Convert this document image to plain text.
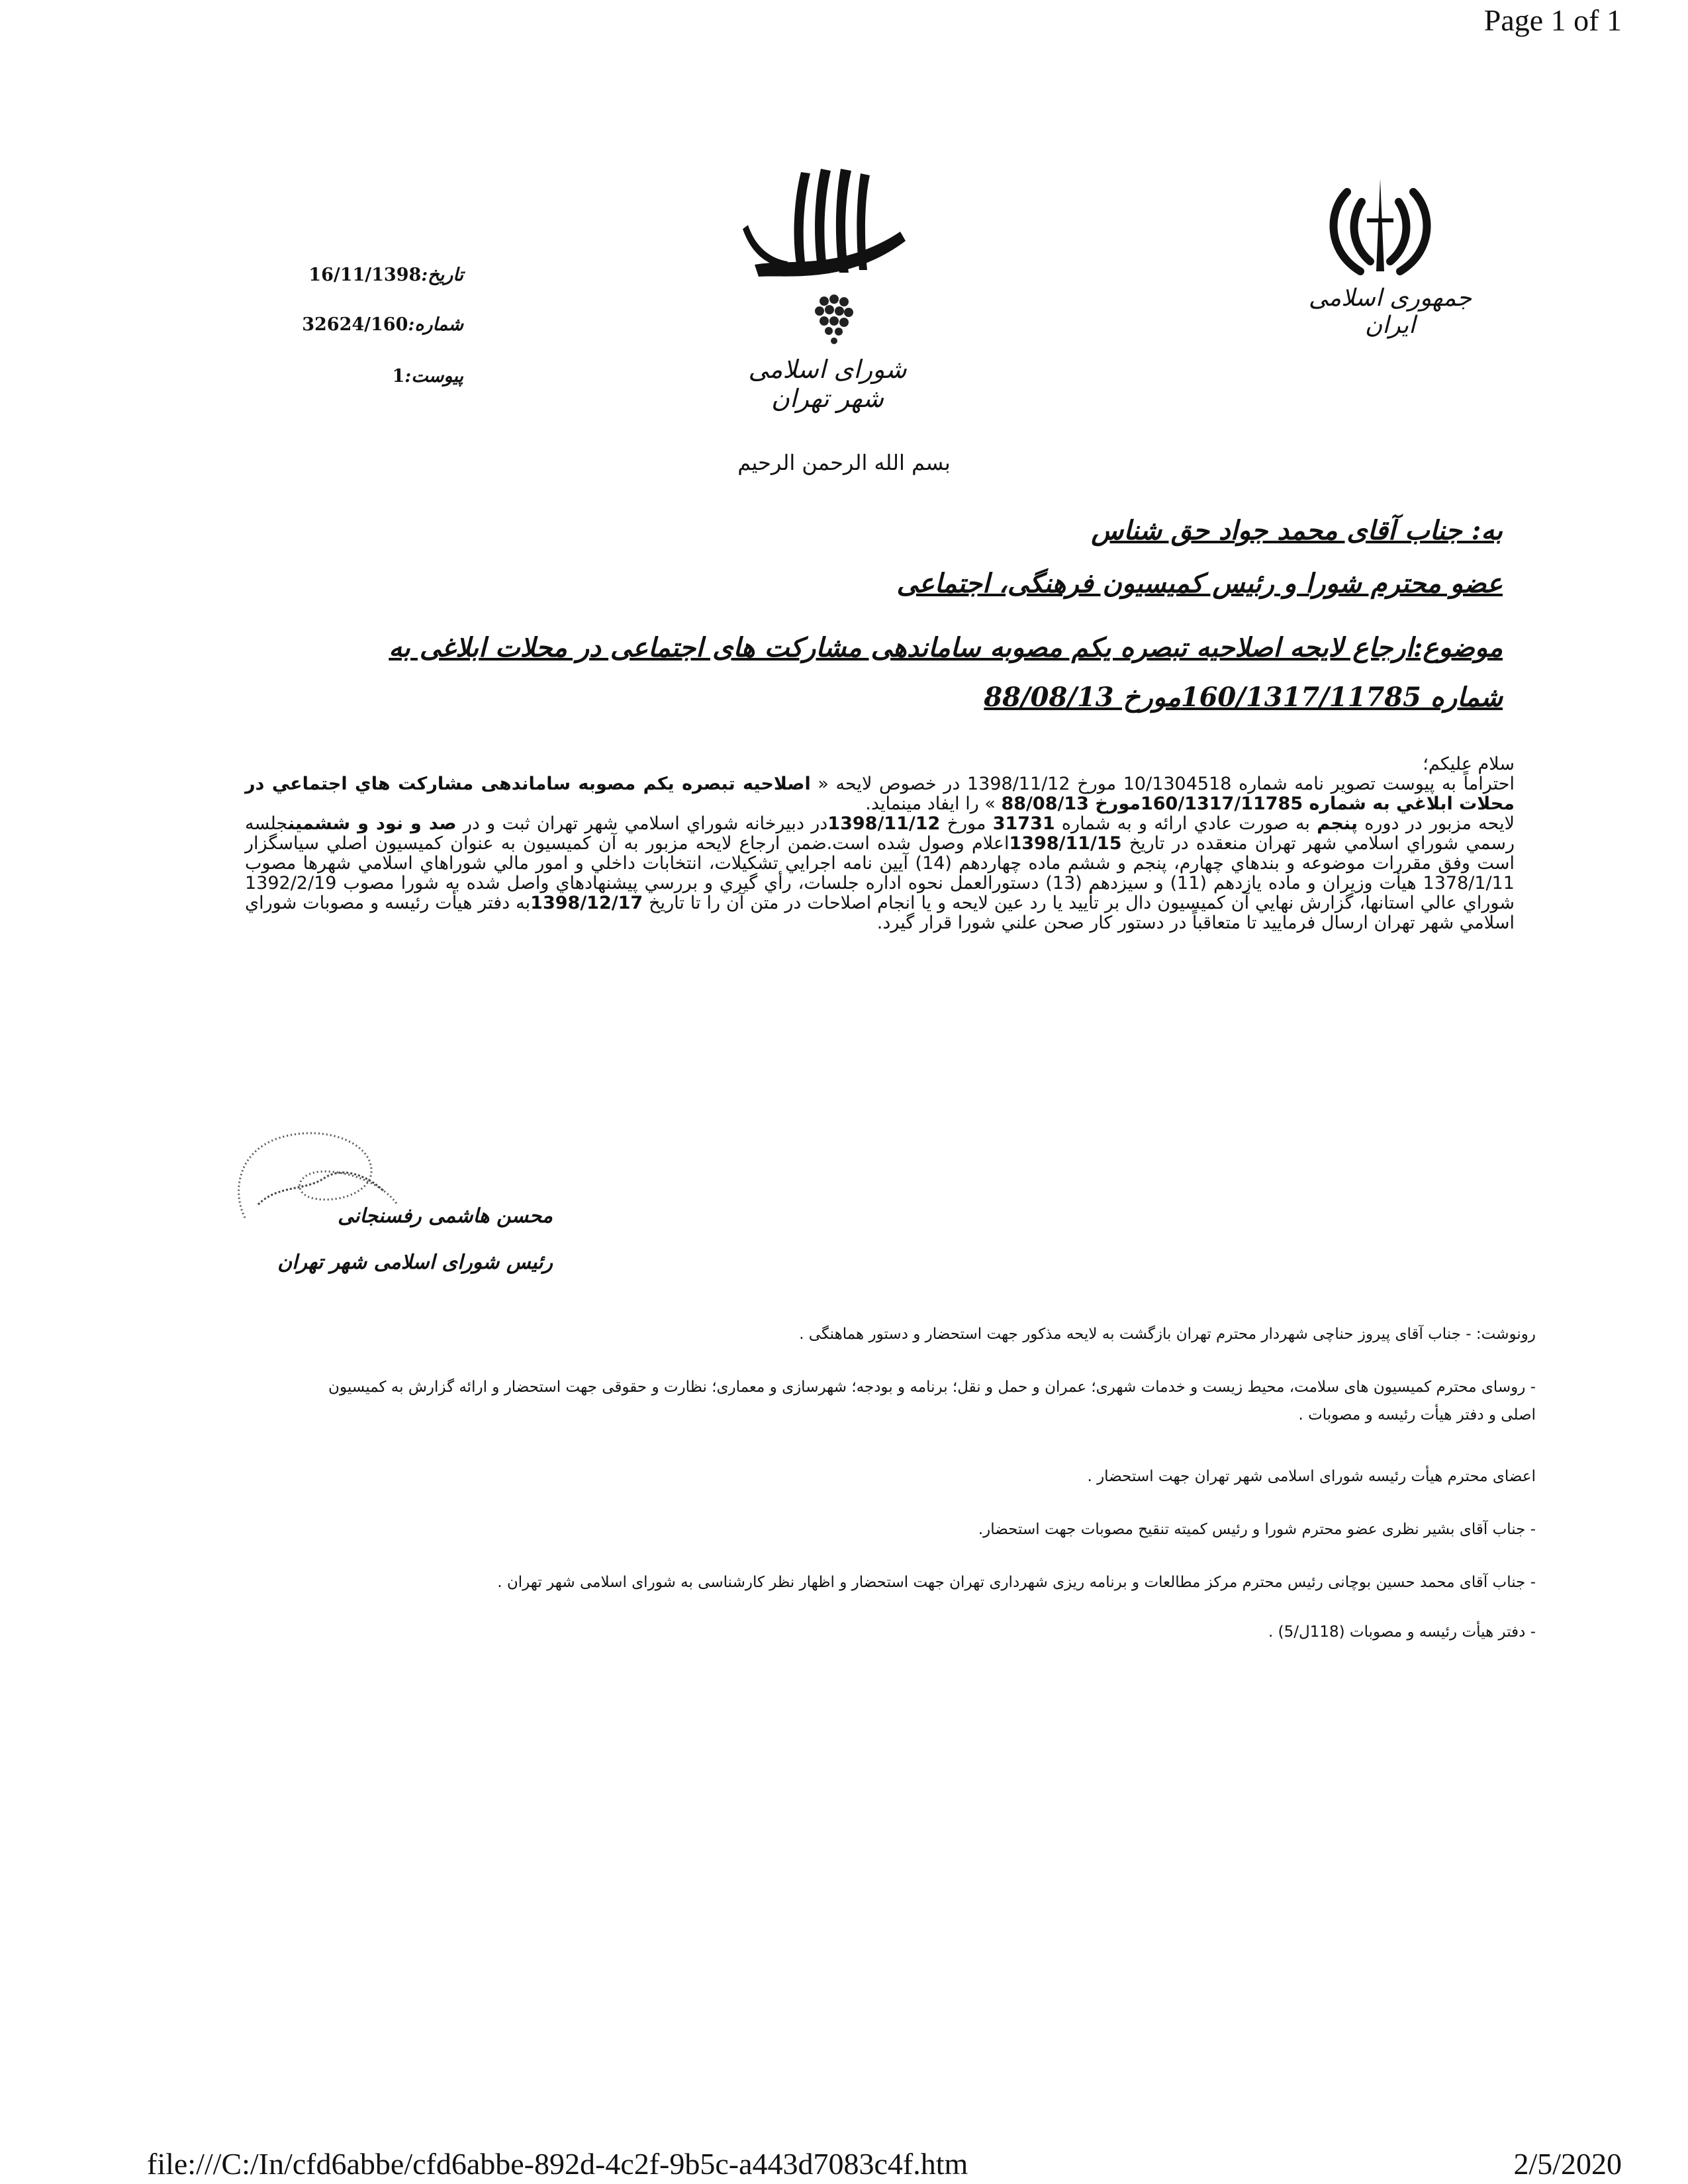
Page 1 of 1
تاریخ:16/11/1398
شماره:32624/160
پیوست:1	شورای اسلامی شهر تهران
جمهوری اسلامی ایران
بسم الله الرحمن الرحیم
به: جناب آقای محمد جواد حق شناس
عضو محترم شورا و رئیس کمیسیون فرهنگی، اجتماعی
موضوع:ارجاع لایحه اصلاحیه تبصره یکم مصوبه ساماندهی مشارکت های اجتماعی در محلات ابلاغی به
شماره 160/1317/11785مورخ 88/08/13
سلام علیکم؛
احتراماً به پیوست تصویر نامه شماره 10/1304518 مورخ 1398/11/12 در خصوص لایحه « اصلاحیه تبصره یکم مصوبه ساماندهی مشارکت هاي اجتماعي در محلات ابلاغي به شماره 160/1317/11785مورخ 88/08/13 » را ایفاد مینماید.
لایحه مزبور در دوره پنجم به صورت عادي ارائه و به شماره 31731 مورخ 1398/11/12در دبیرخانه شوراي اسلامي شهر تهران ثبت و در صد و نود و ششمینجلسه رسمي شوراي اسلامي شهر تهران منعقده در تاریخ 1398/11/15اعلام وصول شده است.ضمن ارجاع لایحه مزبور به آن کمیسیون به عنوان کمیسیون اصلي سیاسگزار است وفق مقررات موضوعه و بندهاي چهارم، پنجم و ششم ماده چهاردهم (14) آیین نامه اجرایي تشکیلات، انتخابات داخلي و امور مالي شوراهاي اسلامي شهرها مصوب 1378/1/11 هیأت وزیران و ماده یازدهم (11) و سیزدهم (13) دستورالعمل نحوه اداره جلسات، رأي گیري و بررسي پیشنهادهاي واصل شده به شورا مصوب 1392/2/19 شوراي عالي استانها، گزارش نهایي آن کمیسیون دال بر تأیید یا رد عین لایحه و یا انجام اصلاحات در متن آن را تا تاریخ 1398/12/17به دفتر هیأت رئیسه و مصوبات شوراي اسلامي شهر تهران ارسال فرمایید تا متعاقباً در دستور کار صحن علني شورا قرار گیرد.
محسن هاشمی رفسنجانی
رئیس شورای اسلامی شهر تهران
رونوشت: - جناب آقای پیروز حناچی شهردار محترم تهران بازگشت به لایحه مذکور جهت استحضار و دستور هماهنگی .
- روسای محترم کمیسیون های سلامت، محیط زیست و خدمات شهری؛ عمران و حمل و نقل؛ برنامه و بودجه؛ شهرسازی و معماری؛ نظارت و حقوقی جهت استحضار و ارائه گزارش به کمیسیون اصلی و دفتر هیأت رئیسه و مصوبات .
اعضای محترم هیأت رئیسه شورای اسلامی شهر تهران جهت استحضار .
- جناب آقای بشیر نظری عضو محترم شورا و رئیس کمیته تنقیح مصوبات جهت استحضار.
- جناب آقای محمد حسین بوچانی رئیس محترم مرکز مطالعات و برنامه ریزی شهرداری تهران جهت استحضار و اظهار نظر کارشناسی به شورای اسلامی شهر تهران .
- دفتر هیأت رئیسه و مصوبات (118ل/5) .
file:///C:/In/cfd6abbe/cfd6abbe-892d-4c2f-9b5c-a443d7083c4f.htm	2/5/2020
